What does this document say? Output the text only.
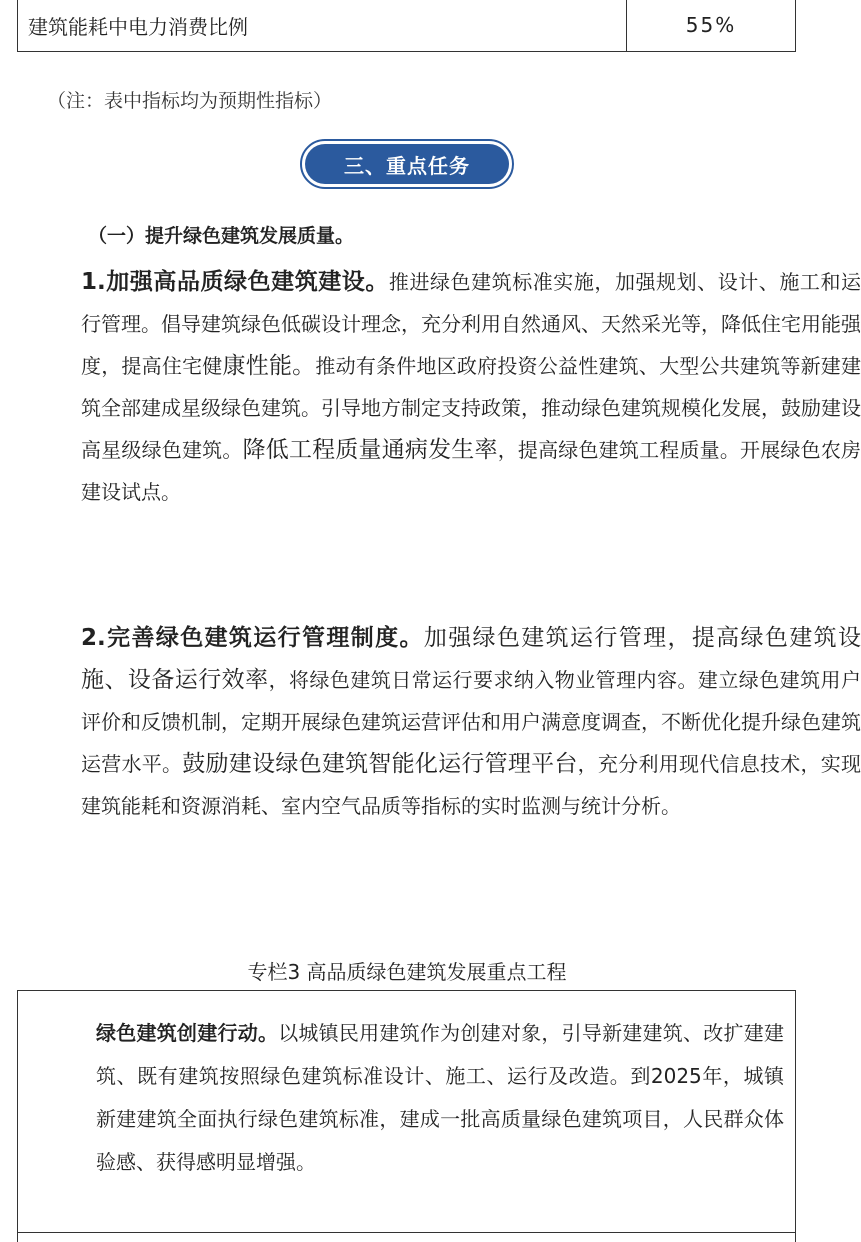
建筑能耗中电力消费比例	55%
（注：表中指标均为预期性指标）
三、重点任务
（一）提升绿色建筑发展质量。

1.加强高品质绿色建筑建设。推进绿色建筑标准实施，加强规划、设计、施工和运行管理。倡导建筑绿色低碳设计理念，充分利用自然通风、天然采光等，降低住宅用能强度，提高住宅健康性能。推动有条件地区政府投资公益性建筑、大型公共建筑等新建建筑全部建成星级绿色建筑。引导地方制定支持政策，推动绿色建筑规模化发展，鼓励建设高星级绿色建筑。降低工程质量通病发生率，提高绿色建筑工程质量。开展绿色农房建设试点。

2.完善绿色建筑运行管理制度。加强绿色建筑运行管理，提高绿色建筑设施、设备运行效率，将绿色建筑日常运行要求纳入物业管理内容。建立绿色建筑用户评价和反馈机制，定期开展绿色建筑运营评估和用户满意度调查，不断优化提升绿色建筑运营水平。鼓励建设绿色建筑智能化运行管理平台，充分利用现代信息技术，实现建筑能耗和资源消耗、室内空气品质等指标的实时监测与统计分析。

专栏3 高品质绿色建筑发展重点工程

绿色建筑创建行动。以城镇民用建筑作为创建对象，引导新建建筑、改扩建建筑、既有建筑按照绿色建筑标准设计、施工、运行及改造。到2025年，城镇新建建筑全面执行绿色建筑标准，建成一批高质量绿色建筑项目，人民群众体验感、获得感明显增强。
